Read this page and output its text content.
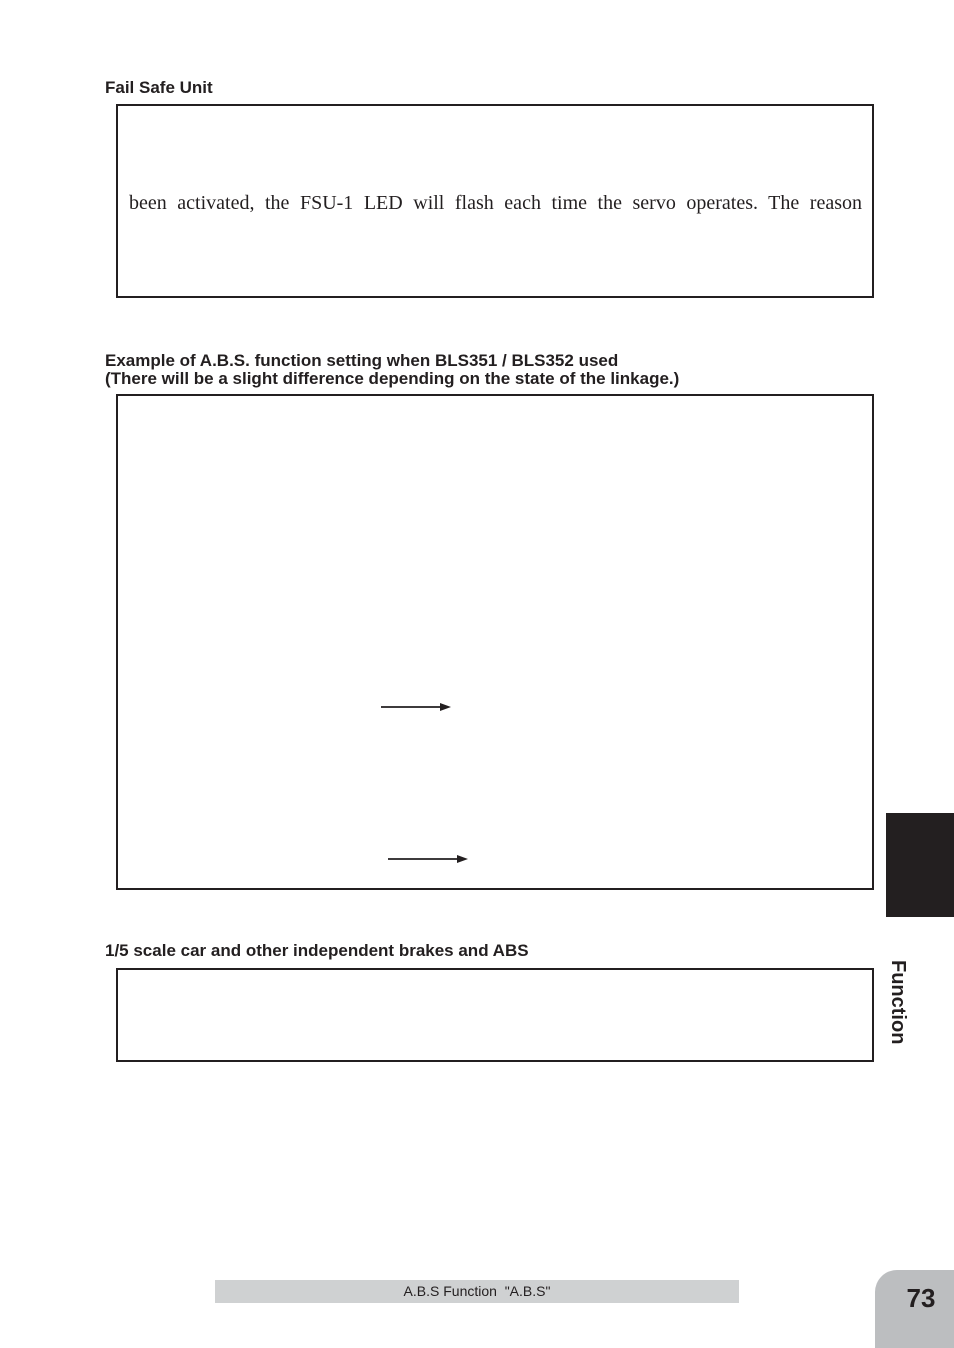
Fail Safe Unit
been activated, the FSU-1 LED will flash each time the servo operates. The reason
Example of A.B.S. function setting when BLS351 / BLS352 used
(There will be a slight difference depending on the state of the linkage.)
1/5 scale car and other independent brakes and ABS
Function
A.B.S Function  "A.B.S"	73
